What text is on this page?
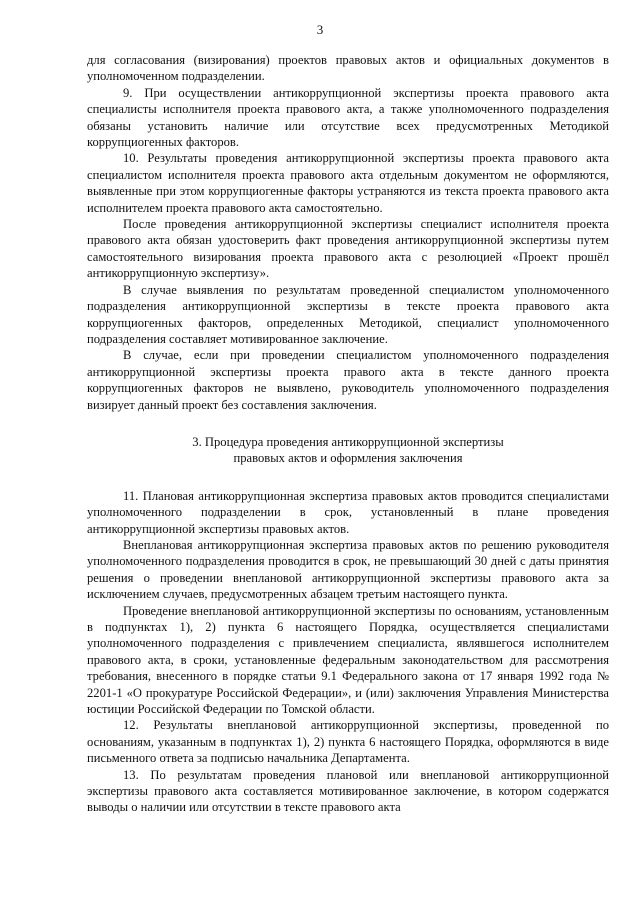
3

для согласования (визирования) проектов правовых актов и официальных документов в уполномоченном подразделении.

9. При осуществлении антикоррупционной экспертизы проекта правового акта специалисты исполнителя проекта правового акта, а также уполномоченного подразделения обязаны установить наличие или отсутствие всех предусмотренных Методикой коррупциогенных факторов.

10. Результаты проведения антикоррупционной экспертизы проекта правового акта специалистом исполнителя проекта правового акта отдельным документом не оформляются, выявленные при этом коррупциогенные факторы устраняются из текста проекта правового акта исполнителем проекта правового акта самостоятельно.

После проведения антикоррупционной экспертизы специалист исполнителя проекта правового акта обязан удостоверить факт проведения антикоррупционной экспертизы путем самостоятельного визирования проекта правового акта с резолюцией «Проект прошёл антикоррупционную экспертизу».

В случае выявления по результатам проведенной специалистом уполномоченного подразделения антикоррупционной экспертизы в тексте проекта правового акта коррупциогенных факторов, определенных Методикой, специалист уполномоченного подразделения составляет мотивированное заключение.

В случае, если при проведении специалистом уполномоченного подразделения антикоррупционной экспертизы проекта правого акта в тексте данного проекта коррупциогенных факторов не выявлено, руководитель уполномоченного подразделения визирует данный проект без составления заключения.

3. Процедура проведения антикоррупционной экспертизы
правовых актов и оформления заключения

11. Плановая антикоррупционная экспертиза правовых актов проводится специалистами уполномоченного подразделении в срок, установленный в плане проведения антикоррупционной экспертизы правовых актов.

Внеплановая антикоррупционная экспертиза правовых актов по решению руководителя уполномоченного подразделения проводится в срок, не превышающий 30 дней с даты принятия решения о проведении внеплановой антикоррупционной экспертизы правового акта за исключением случаев, предусмотренных абзацем третьим настоящего пункта.

Проведение внеплановой антикоррупционной экспертизы по основаниям, установленным в подпунктах 1), 2) пункта 6 настоящего Порядка, осуществляется специалистами уполномоченного подразделения с привлечением специалиста, являвшегося исполнителем правового акта, в сроки, установленные федеральным законодательством для рассмотрения требования, внесенного в порядке статьи 9.1 Федерального закона от 17 января 1992 года № 2201-1 «О прокуратуре Российской Федерации», и (или) заключения Управления Министерства юстиции Российской Федерации по Томской области.

12. Результаты внеплановой антикоррупционной экспертизы, проведенной по основаниям, указанным в подпунктах 1), 2) пункта 6 настоящего Порядка, оформляются в виде письменного ответа за подписью начальника Департамента.

13. По результатам проведения плановой или внеплановой антикоррупционной экспертизы правового акта составляется мотивированное заключение, в котором содержатся выводы о наличии или отсутствии в тексте правового акта
